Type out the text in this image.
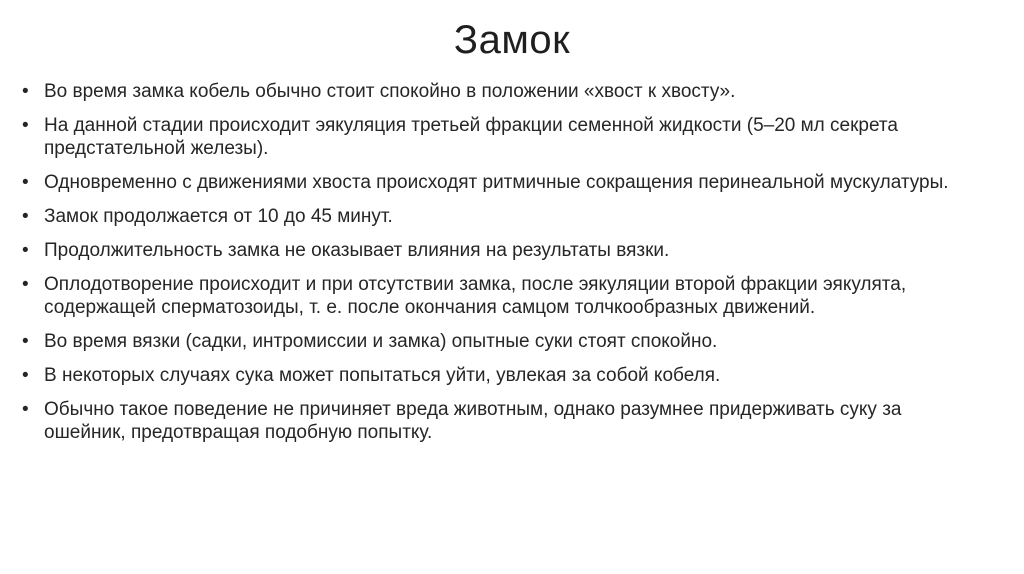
Замок
• Во время замка кобель обычно стоит спокойно в положении «хвост к хвосту».
• На данной стадии происходит эякуляция третьей фракции семенной жидкости (5–20 мл секрета предстательной железы).
• Одновременно с движениями хвоста происходят ритмичные сокращения перинеальной мускулатуры.
• Замок продолжается от 10 до 45 минут.
• Продолжительность замка не оказывает влияния на результаты вязки.
• Оплодотворение происходит и при отсутствии замка, после эякуляции второй фракции эякулята, содержащей сперматозоиды, т. е. после окончания самцом толчкообразных движений.
• Во время вязки (садки, интромиссии и замка) опытные суки стоят спокойно.
• В некоторых случаях сука может попытаться уйти, увлекая за собой кобеля.
• Обычно такое поведение не причиняет вреда животным, однако разумнее придерживать суку за ошейник, предотвращая подобную попытку.
